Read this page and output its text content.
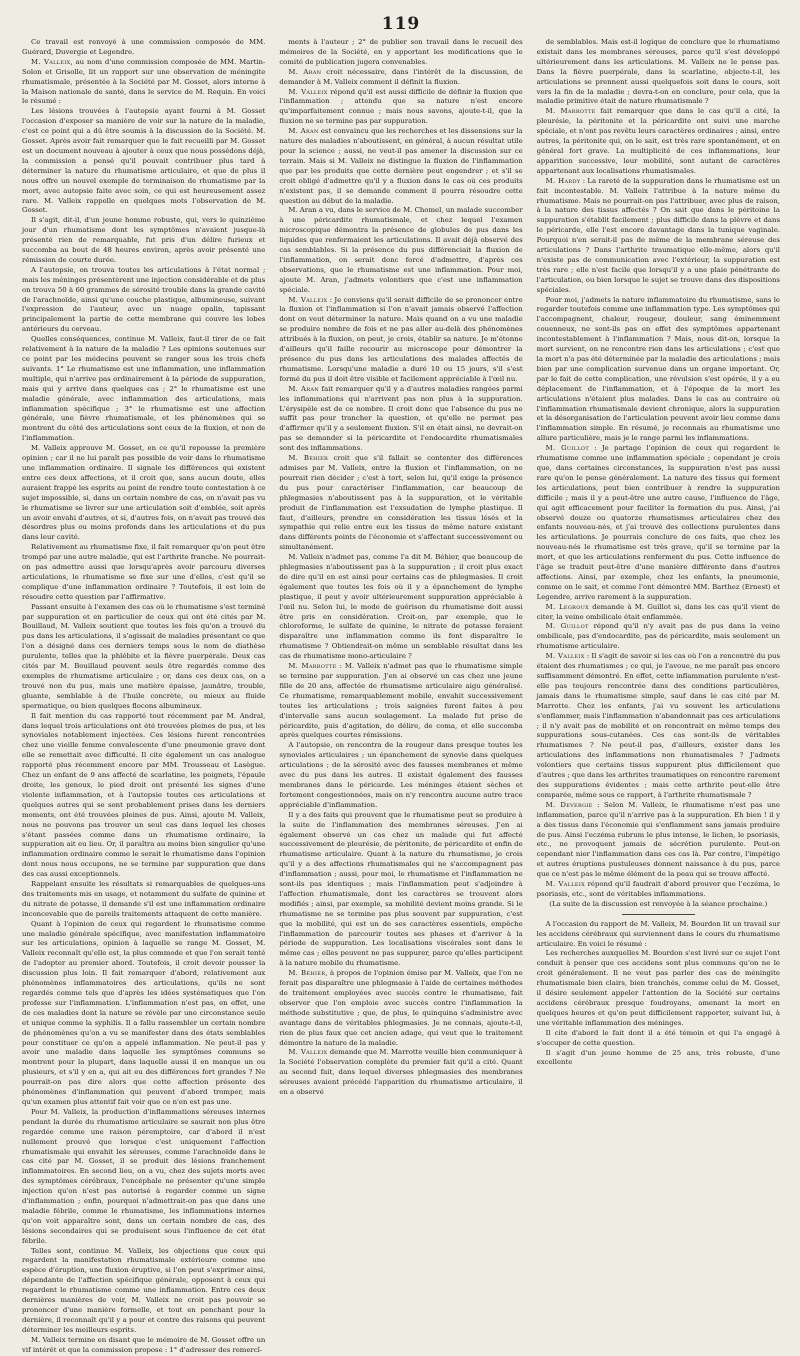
119

Ce travail est renvoyé à une commission composée de MM. Guérard, Duvergie et Legendre.

M. Valleix, au nom d'une commission composée de MM. Martin-Solon et Grisolle, lit un rapport sur une observation de méningite rhumatismale, présentée à la Société par M. Gosset, alors interne à la Maison nationale de santé, dans le service de M. Requin. En voici le résumé :

Les lésions trouvées à l'autopsie ayant fourni à M. Gosset l'occasion d'exposer sa manière de voir sur la nature de la maladie, c'est ce point qui a dû être soumis à la discussion de la Société. M. Gosset. Après avoir fait remarquer que le fait recueilli par M. Gosset est un document nouveau à ajouter à ceux que nous possédons déjà, la commission a pensé qu'il pouvait contribuer plus tard à déterminer la nature du rhumatisme articulaire, et que de plus il nous offre un nouvel exemple de terminaison de rhumatisme par la mort, avec autopsie faite avec soin, ce qui est heureusement assez rare. M. Valleix rappelle en quelques mots l'observation de M. Gosset.

Il s'agit, dit-il, d'un jeune homme robuste, qui, vers le quinzième jour d'un rhumatisme dont les symptômes n'avaient jusque-là présenté rien de remarquable, fut pris d'un délire furieux et succomba au bout de 48 heures environ, après avoir présenté une rémission de courte durée.

A l'autopsie, on trouva toutes les articulations à l'état normal ; mais les méninges présentèrent une injection considérable et de plus on trouva 50 à 60 grammes de sérosité trouble dans la grande cavité de l'arachnoïde, ainsi qu'une couche plastique, albumineuse, suivant l'expression de l'auteur, avec un nuage opalin, tapissant principalement la partie de cette membrane qui couvre les lobes antérieurs du cerveau.

Quelles conséquences, continue M. Valleix, faut-il tirer de ce fait relativement à la nature de la maladie ? Les opinions soutenues sur ce point par les médecins peuvent se ranger sous les trois chefs suivants. 1° Le rhumatisme est une inflammation, une inflammation multiple, qui n'arrive pas ordinairement à la période de suppuration, mais qui y arrive dans quelques cas ; 2° le rhumatisme est une maladie générale, avec inflammation des articulations, mais inflammation spécifique ; 3° le rhumatisme est une affection générale, une fièvre rhumatismale, et les phénomènes qui se montrent du côté des articulations sont ceux de la fluxion, et non de l'inflammation.

M. Valleix approuve M. Gosset, en ce qu'il repousse la première opinion ; car il ne lui paraît pas possible de voir dans le rhumatisme une inflammation ordinaire. Il signale les différences qui existent entre ces deux affections, et il croit que, sans aucun doute, elles auraient frappé les esprits au point de rendre toute contestation à ce sujet impossible, si, dans un certain nombre de cas, on n'avait pas vu le rhumatisme se livrer sur une articulation soit d'emblée, soit après un avoir envahi d'autres, et si, d'autres fois, on n'avait pas trouvé des désordres plus ou moins profonds dans les articulations et du pus dans leur cavité.

Relativement au rhumatisme fixe, il fait remarquer qu'on peut être trompé par une autre maladie, qui est l'arthrite franche. Ne pourrait-on pas admettre aussi que lorsqu'après avoir parcouru diverses articulations, le rhumatisme se fixe sur une d'elles, c'est qu'il se complique d'une inflammation ordinaire ? Toutefois, il est loin de résoudre cette question par l'affirmative.

Passant ensuite à l'examen des cas où le rhumatisme s'est terminé par suppuration et en particulier de ceux qui ont été cités par M. Bouillaud, M. Valleix soutient que toutes les fois qu'on a trouvé du pus dans les articulations, il s'agissait de maladies présentant ce que l'on a désigné dans ces derniers temps sous le nom de diathèse purulente, telles que la phlébite et la fièvre puerpérale. Deux cas cités par M. Bouillaud peuvent seuls être regardés comme des exemples de rhumatisme articulaire ; or, dans ces deux cas, on a trouvé non du pus, mais une matière épaisse, jaunâtre, trouble, gluante, semblable à de l'huile concrète, ou mieux au fluide spermatique, ou bien quelques flocons albumineux.

Il fait mention du cas rapporté tout récemment par M. Andral, dans lequel trois articulations ont été trouvées pleines de pus, et les synoviales notablement injectées. Ces lésions furent rencontrées chez une vieille femme convalescente d'une pneumonie grave dont elle se remettait avec difficulté. Il cite également un cas analogue rapporté plus récemment encore par MM. Trousseau et Lasègue. Chez un enfant de 9 ans affecté de scarlatine, les poignets, l'épaule droite, les genoux, le pied droit ont présenté les signes d'une violente inflammation, et à l'autopsie toutes ces articulations et quelques autres qui se sont probablement prises dans les derniers moments, ont été trouvées pleines de pus. Ainsi, ajoute M. Valleix, nous ne pouvons pas trouver un seul cas dans lequel les choses s'étant passées comme dans un rhumatisme ordinaire, la suppuration ait eu lieu. Or, il paraîtra au moins bien singulier qu'une inflammation ordinaire comme le serait le rhumatisme dans l'opinion dont nous nous occupons, ne se termine par suppuration que dans des cas aussi exceptionnels.

Rappelant ensuite les résultats si remarquables de quelques-uns des traitements mis en usage, et notamment du sulfate de quinine et du nitrate de potasse, il demande s'il est une inflammation ordinaire inconcevable que de pareils traitements attaquent de cette manière.

Quant à l'opinion de ceux qui regardent le rhumatisme comme une maladie générale spécifique, avec manifestation inflammatoire sur les articulations, opinion à laquelle se range M. Gosset, M. Valleix reconnaît qu'elle est, la plus commode et que l'on serait tenté de l'adopter au premier abord. Toutefois, il croit devoir pousser la discussion plus loin. Il fait remarquer d'abord, relativement aux phénomènes inflammatoires des articulations, qu'ils ne sont regardés comme tels que d'après les idées systématiques que l'on professe sur l'inflammation. L'inflammation n'est pas, en effet, une de ces maladies dont la nature se révèle par une circonstance seule et unique comme la syphilis. Il a fallu rassembler un certain nombre de phénomènes qu'on a vu se manifester dans des états semblables pour constituer ce qu'on a appelé inflammation. Ne peut-il pas y avoir une maladie dans laquelle les symptômes communs se montrent pour la plupart, dans laquelle aussi il en manque un ou plusieurs, et s'il y en a, qui ait eu des différences fort grandes ? Ne pourrait-on pas dire alors que cette affection présente des phénomènes d'inflammation qui peuvent d'abord tromper, mais qu'un examen plus attentif fait voir que ce n'en est pas une.

Pour M. Valleix, la production d'inflammations séreuses internes pendant la durée du rhumatisme articulaire se saurait non plus être regardée comme une raison péremptoire, car d'abord il n'est nullement prouvé que lorsque c'est uniquement l'affection rhumatismale qui envahit les séreuses, comme l'arachnoïde dans le cas cité par M. Gosset, il se produit des lésions franchement inflammatoires. En second lieu, on a vu, chez des sujets morts avec des symptômes cérébraux, l'encéphale ne présenter qu'une simple injection qu'on n'est pas autorisé à regarder comme un signe d'inflammation ; enfin, pourquoi n'admettrait-on pas que dans une maladie fébrile, comme le rhumatisme, les inflammations internes qu'on voit apparaître sont, dans un certain nombre de cas, des lésions secondaires qui se produisent sous l'influence de cet état fébrile.

Telles sont, continue M. Valleix, les objections que ceux qui regardent la manifestation rhumatismale extérieure comme une espèce d'éruption, une fluxion éruptive, si l'on peut s'exprimer ainsi, dépendante de l'affection spécifique générale, opposent à ceux qui regardent le rhumatisme comme une inflammation. Entre ces deux dernières manières de voir, M. Valleix ne croit pas pouvoir se prononcer d'une manière formelle, et tout en penchant pour la dernière, il reconnaît qu'il y a pour et contre des raisons qui peuvent déterminer les meilleurs esprits.

M. Valleix termine en disant que le mémoire de M. Gosset offre un vif intérêt et que la commission propose : 1° d'adresser des remercî-

ments à l'auteur ; 2° de publier son travail dans le recueil des mémoires de la Société, en y apportant les modifications que le comité de publication jugera convenables.

M. Aran croit nécessaire, dans l'intérêt de la discussion, de demander à M. Valleix comment il définit la fluxion.

M. Valleix répond qu'il est aussi difficile de définir la fluxion que l'inflammation ; attendu que sa nature n'est encore qu'imparfaitement connue ; mais nous savons, ajoute-t-il, que la fluxion ne se termine pas par suppuration.

M. Aran est convaincu que les recherches et les dissensions sur la nature des maladies n'aboutissent, en général, à aucun résultat utile pour la science ; aussi, ne veut-il pas amener la discussion sur ce terrain. Mais si M. Valleix ne distingue la fluxion de l'inflammation que par les produits que cette dernière peut engendrer ; et s'il se croit obligé d'admettre qu'il y a fluxion dans le cas où ces produits n'existent pas, il se demande comment il pourra résoudre cette question au début de la maladie.

M. Aran a vu, dans le service de M. Chomel, un malade succomber à une péricardite rhumatismale, et chez lequel l'examen microscopique démontra la présence de globules de pus dans les liquides que renfermaient les articulations. Il avait déjà observé des cas semblables. Si la présence du pus différenciait la fluxion de l'inflammation, on serait donc forcé d'admettre, d'après ces observations, que le rhumatisme est une inflammation. Pour moi, ajoute M. Aran, j'admets volontiers que c'est une inflammation spéciale.

M. Valleix : Je conviens qu'il serait difficile de se prononcer entre la fluxion et l'inflammation si l'on n'avait jamais observé l'affection dont on veut déterminer la nature. Mais quand on a vu une maladie se produire nombre de fois et ne pas aller au-delà des phénomènes attribués à la fluxion, on peut, je crois, établir sa nature. Je m'étonne d'ailleurs qu'il faille recourir au microscope pour démontrer la présence du pus dans les articulations des malades affectés de rhumatisme. Lorsqu'une maladie a duré 10 ou 15 jours, s'il s'est formé du pus il doit être visible et facilement appréciable à l'œil nu.

M. Aran fait remarquer qu'il y a d'autres maladies rangées parmi les inflammations qui n'arrivent pas non plus à la suppuration. L'érysipèle est de ce nombre. Il croit donc que l'absence du pus ne suffit pas pour trancher la question, et qu'elle ne permet pas d'affirmer qu'il y a seulement fluxion. S'il en était ainsi, ne devrait-on pas se demander si la péricardite et l'endocardite rhumatismales sont des inflammations.

M. Béhier croit que s'il fallait se contenter des différences admises par M. Valleix, entre la fluxion et l'inflammation, on ne pourrait rien décider ; c'est à tort, selon lui, qu'il exige la présence du pus pour caractériser l'inflammation, car beaucoup de phlegmasies n'aboutissent pas à la suppuration, et le véritable produit de l'inflammation est l'exsudation de lymphe plastique. Il faut, d'ailleurs, prendre en considération les tissus lésés et la sympathie qui relie entre eux les tissus de même nature existant dans différents points de l'économie et s'affectant successivement ou simultanément.

M. Valleix n'admet pas, comme l'a dit M. Béhier, que beaucoup de phlegmasies n'aboutissent pas à la suppuration ; il croit plus exact de dire qu'il en est ainsi pour certains cas de phlegmasies. Il croit également que toutes les fois où il y a épanchement de lymphe plastique, il peut y avoir ultérieurement suppuration appréciable à l'œil nu. Selon lui, le mode de guérison du rhumatisme doit aussi être pris en considération. Croit-on, par exemple, que le chloroforme, le sulfate de quinine, le nitrate de potasse feraient disparaître une inflammation comme ils font disparaître le rhumatisme ? Obtiendrait-on même un semblable résultat dans les cas de rhumatisme mono-articulaire ?

M. Marrotte : M. Valleix n'admet pas que le rhumatisme simple se termine par suppuration. J'en ai observé un cas chez une jeune fille de 20 ans, affectée de rhumatisme articulaire aigu généralisé. Ce rhumatisme, remarquablement mobile, envahit successivement toutes les articulations ; trois saignées furent faites à peu d'intervalle sans aucun soulagement. La malade fut prise de péricardite, puis d'agitation, de délire, de coma, et elle succomba après quelques courtes rémissions.

A l'autopsie, on rencontra de la rougeur dans presque toutes les synoviales articulaires ; un épanchement de synovie dans quelques articulations ; de la sérosité avec des fausses membranes et même avec du pus dans les autres. Il existait également des fausses membranes dans le péricarde. Les méninges étaient sèches et fortement congestionnées, mais on n'y rencontra aucune autre trace appréciable d'inflammation.

Il y a des faits qui prouvent que le rhumatisme peut se produire à la suite de l'inflammation des membranes séreuses. J'en ai également observé un cas chez un malade qui fut affecté successivement de pleurésie, de péritonite, de péricardite et enfin de rhumatisme articulaire. Quant à la nature du rhumatisme, je crois qu'il y a des affections rhumatismales qui ne s'accompagnent pas d'inflammation ; aussi, pour moi, le rhumatisme et l'inflammation ne sont-ils pas identiques ; mais l'inflammation peut s'adjoindre à l'affection rhumatismale, dont les caractères se trouvent alors modifiés ; ainsi, par exemple, sa mobilité devient moins grande. Si le rhumatisme ne se termine pas plus souvent par suppuration, c'est que la mobilité, qui est un de ses caractères essentiels, empêche l'inflammation de parcourir toutes ses phases et d'arriver à la période de suppuration. Les localisations viscérales sont dans le même cas ; elles peuvent ne pas suppurer, parce qu'elles participent à la nature mobile du rhumatisme.

M. Béhier, à propos de l'opinion émise par M. Valleix, que l'on ne ferait pas disparaître une phlegmasie à l'aide de certaines méthodes de traitement employées avec succès contre le rhumatisme, fait observer que l'on emploie avec succès contre l'inflammation la méthode substitutive ; que, de plus, le quinquina s'administre avec avantage dans de véritables phlegmasies. Je ne connais, ajoute-t-il, rien de plus faux que cet ancien adage, qui veut que le traitement démontre la nature de la maladie.

M. Valleix demande que M. Marrotte veuille bien communiquer à la Société l'observation complète du premier fait qu'il a cité. Quant au second fait, dans lequel diverses phlegmasies des membranes séreuses avaient précédé l'apparition du rhumatisme articulaire, il en a observé

de semblables. Mais est-il logique de conclure que le rhumatisme existait dans les membranes séreuses, parce qu'il s'est développé ultérieurement dans les articulations. M. Valleix ne le pense pas. Dans la fièvre puerpérale, dans la scarlatine, objecte-t-il, les articulations se prennent aussi quelquefois soit dans le cours, soit vers la fin de la maladie ; devra-t-on en conclure, pour cela, que la maladie primitive était de nature rhumatismale ?

M. Marrotte fait remarquer que dans le cas qu'il a cité, la pleurésie, la péritonite et la péricardite ont suivi une marche spéciale, et n'ont pas revêtu leurs caractères ordinaires ; ainsi, entre autres, la péritonite qui, on le sait, est très rare spontanément, et en général fort grave. La multiplicité de ces inflammations, leur apparition successive, leur mobilité, sont autant de caractères appartenant aux localisations rhumatismales.

M. Hardy : La rareté de la suppuration dans le rhumatisme est un fait incontestable. M. Valleix l'attribue à la nature même du rhumatisme. Mais ne pourrait-on pas l'attribuer, avec plus de raison, à la nature des tissus affectés ? On sait que dans le péritoine la suppuration s'établit facilement ; plus difficile dans la plèvre et dans le péricarde, elle l'est encore davantage dans la tunique vaginale. Pourquoi n'en serait-il pas de même de la membrane séreuse des articulations ? Dans l'arthrite traumatique elle-même, alors qu'il n'existe pas de communication avec l'extérieur, la suppuration est très rare ; elle n'est facile que lorsqu'il y a une plaie pénétrante de l'articulation, ou bien lorsque le sujet se trouve dans des dispositions spéciales.

Pour moi, j'admets la nature inflammatoire du rhumatisme, sans le regarder toutefois comme une inflammation type. Les symptômes qui l'accompagnent, chaleur, rougeur, douleur, sang éminemment couenneux, ne sont-ils pas en effet des symptômes appartenant incontestablement à l'inflammation ? Mais, nous dit-on, lorsque la mort survient, on ne rencontre rien dans les articulations ; c'est que la mort n'a pas été déterminée par la maladie des articulations ; mais bien par une complication survenue dans un organe important. Or, par le fait de cette complication, une révulsion s'est opérée, il y a eu déplacement de l'inflammation, et à l'époque de la mort les articulations n'étaient plus malades. Dans le cas au contraire où l'inflammation rhumatismale devient chronique, alors la suppuration et la désorganisation de l'articulation peuvent avoir lieu comme dans l'inflammation simple. En résumé, je reconnais au rhumatisme une allure particulière, mais je le range parmi les inflammations.

M. Guillot : Je partage l'opinion de ceux qui regardent le rhumatisme comme une inflammation spéciale ; cependant je crois que, dans certaines circonstances, la suppuration n'est pas aussi rare qu'on le pense généralement. La nature des tissus qui forment les articulations, peut bien contribuer à rendre la suppuration difficile ; mais il y a peut-être une autre cause, l'influence de l'âge, qui agit efficacement pour faciliter la formation du pus. Ainsi, j'ai observé douze ou quatorze rhumatismes articulaires chez des enfants nouveau-nés, et j'ai trouvé des collections purulentes dans les articulations. Je pourrais conclure de ces faits, que chez les nouveau-nés le rhumatisme est très grave, qu'il se termine par la mort, et que les articulations renferment du pus. Cette influence de l'âge se traduit peut-être d'une manière différente dans d'autres affections. Ainsi, par exemple, chez les enfants, la pneumonie, comme on le sait, et comme l'ont démontré MM. Barthez (Ernest) et Legendre, arrive rarement à la suppuration.

M. Legroux demande à M. Guillot si, dans les cas qu'il vient de citer, la veine ombilicale était enflammée.

M. Guillot répond qu'il n'y avait pas de pus dans la veine ombilicale, pas d'endocardite, pas de péricardite, mais seulement un rhumatisme articulaire.

M. Valleix : Il s'agit de savoir si les cas où l'on a rencontré du pus étaient des rhumatismes ; ce qui, je l'avoue, ne me paraît pas encore suffisamment démontré. En effet, cette inflammation purulente n'est-elle pas toujours rencontrée dans des conditions particulières, jamais dans le rhumatisme simple, sauf dans le cas cité par M. Marrotte. Chez les enfants, j'ai vu souvent les articulations s'enflammer, mais l'inflammation n'abandonnait pas ces articulations ; il n'y avait pas de mobilité et on rencontrait en même temps des suppurations sous-cutanées. Ces cas sont-ils de véritables rhumatismes ? Ne peut-il pas, d'ailleurs, exister dans les articulations des inflammations non rhumatismales ? J'admets volontiers que certains tissus suppurent plus difficilement que d'autres ; que dans les arthrites traumatiques on rencontre rarement des suppurations évidentes ; mais cette arthrite peut-elle être comparée, même sous ce rapport, à l'arthrite rhumatismale ?

M. Devergie : Selon M. Valleix, le rhumatisme n'est pas une inflammation, parce qu'il n'arrive pas à la suppuration. Eh bien ! il y a des tissus dans l'économie qui s'enflamment sans jamais produire de pus. Ainsi l'eczéma rubrum le plus intense, le lichen, le psoriasis, etc., ne provoquent jamais de sécrétion purulente. Peut-on cependant nier l'inflammation dans ces cas là. Par contre, l'impétigo et autres éruptions pustuleuses donnent naissance à du pus, parce que ce n'est pas le même élément de la peau qui se trouve affecté.

M. Valleix répond qu'il faudrait d'abord prouver que l'eczéma, le psoriasis, etc., sont de véritables inflammations.

(La suite de la discussion est renvoyée à la séance prochaine.)

A l'occasion du rapport de M. Valleix, M. Bourdon lit un travail sur les accidens cérébraux qui surviennent dans le cours du rhumatisme articulaire. En voici le résumé :

Les recherches auxquelles M. Bourdon s'est livré sur ce sujet l'ont conduit à penser que ces accidens sont plus communs qu'on ne le croit généralement. Il ne veut pas parler des cas de méningite rhumatismale bien clairs, bien tranchés, comme celui de M. Gosset, il désire seulement appeler l'attention de la Société sur certains accidens cérébraux presque foudroyans, amenant la mort en quelques heures et qu'on peut difficilement rapporter, suivant lui, à une véritable inflammation des méninges.

Il cite d'abord le fait dont il a été témoin et qui l'a engagé à s'occuper de cette question.

Il s'agit d'un jeune homme de 25 ans, très robuste, d'une excellente
